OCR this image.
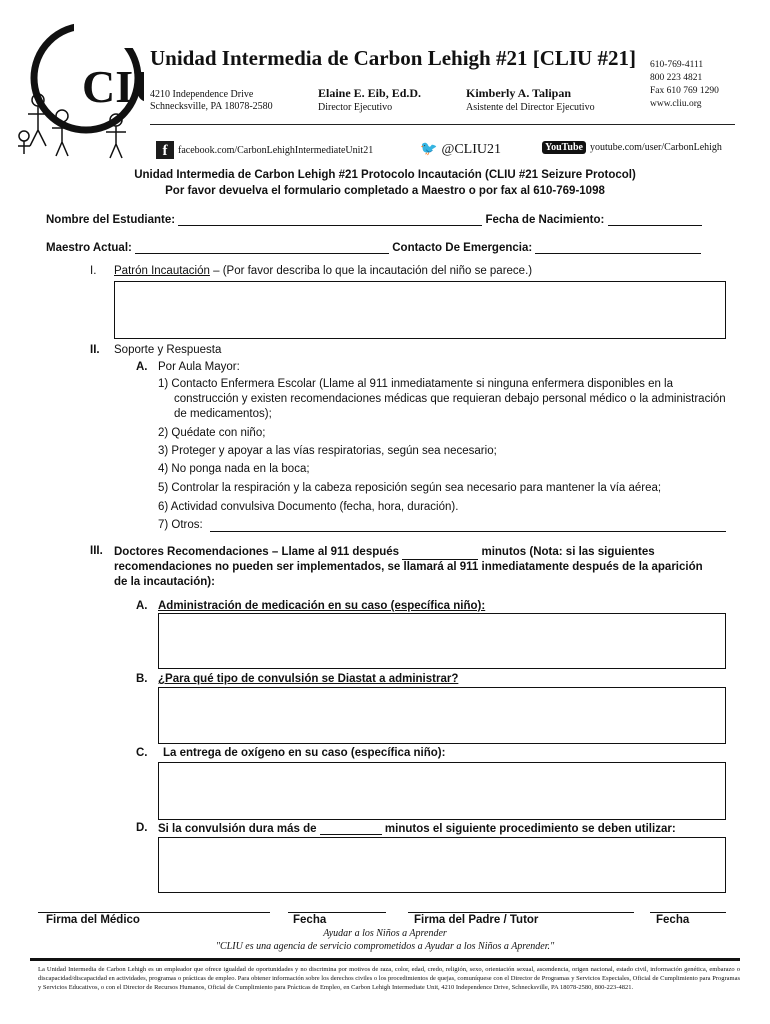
CI
Unidad Intermedia de Carbon Lehigh #21 [CLIU #21] 610-769-4111
800 223 4821
Fax 610 769 1290
www.cliu.org
4210 Independence Drive
Schnecksville, PA 18078-2580
Elaine E. Eib, Ed.D.
Director Ejecutivo
Kimberly A. Talipan
Asistente del Director Ejecutivo
f	facebook.com/CarbonLehighIntermediateUnit21	🐦 @CLIU21	YouTube youtube.com/user/CarbonLehigh
Unidad Intermedia de Carbon Lehigh #21 Protocolo Incautación (CLIU #21 Seizure Protocol)
Por favor devuelva el formulario completado a Maestro o por fax al 610-769-1098
Nombre del Estudiante:	Fecha de Nacimiento:
Maestro Actual:	Contacto De Emergencia:
I. Patrón Incautación – (Por favor describa lo que la incautación del niño se parece.)
II. Soporte y Respuesta
A. Por Aula Mayor:
1) Contacto Enfermera Escolar (Llame al 911 inmediatamente si ninguna enfermera disponibles en la construcción y existen recomendaciones médicas que requieran debajo personal médico o la administración de medicamentos);
2) Quédate con niño;
3) Proteger y apoyar a las vías respiratorias, según sea necesario;
4) No ponga nada en la boca;
5) Controlar la respiración y la cabeza reposición según sea necesario para mantener la vía aérea;
6) Actividad convulsiva Documento (fecha, hora, duración).
7) Otros:
III. Doctores Recomendaciones – Llame al 911 después	minutos (Nota: si las siguientes recomendaciones no pueden ser implementados, se llamará al 911 inmediatamente después de la aparición de la incautación):
A. Administración de medicación en su caso (específica niño):
B. ¿Para qué tipo de convulsión se Diastat a administrar?
C. La entrega de oxígeno en su caso (específica niño):
D. Si la convulsión dura más de	minutos el siguiente procedimiento se deben utilizar:
Firma del Médico	Fecha	Firma del Padre / Tutor	Fecha
Ayudar a los Niños a Aprender
"CLIU es una agencia de servicio comprometidos a Ayudar a los Niños a Aprender."
La Unidad Intermedia de Carbon Lehigh es un empleador que ofrece igualdad de oportunidades y no discrimina por motivos de raza, color, edad, credo, religión, sexo, orientación sexual, ascendencia, origen nacional, estado civil, información genética, embarazo o discapacidad/discapacidad en actividades, programas o prácticas de empleo. Para obtener información sobre los derechos civiles o los procedimientos de quejas, comuníquese con el Director de Programas y Servicios Especiales, Oficial de Cumplimiento para Programas y Servicios Educativos, o con el Director de Recursos Humanos, Oficial de Cumplimiento para Prácticas de Empleo, en Carbon Lehigh Intermediate Unit, 4210 Independence Drive, Schnecksville, PA 18078-2580, 800-223-4821.
